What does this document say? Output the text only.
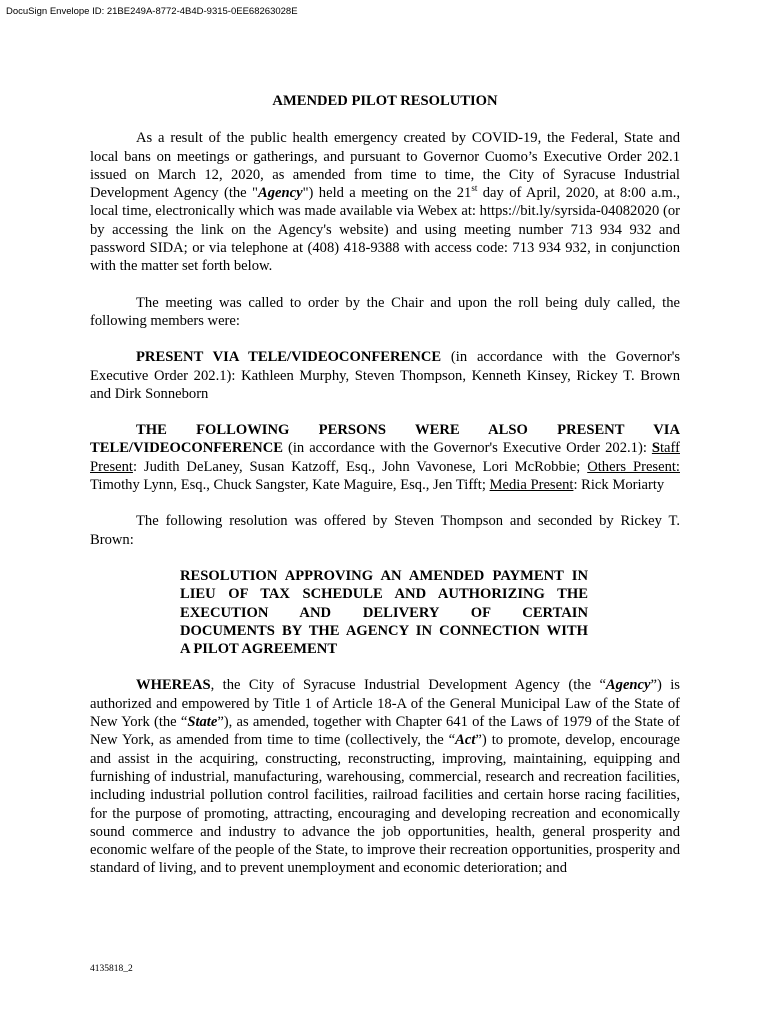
DocuSign Envelope ID: 21BE249A-8772-4B4D-9315-0EE68263028E
AMENDED PILOT RESOLUTION

As a result of the public health emergency created by COVID-19, the Federal, State and local bans on meetings or gatherings, and pursuant to Governor Cuomo’s Executive Order 202.1 issued on March 12, 2020, as amended from time to time, the City of Syracuse Industrial Development Agency (the "Agency") held a meeting on the 21st day of April, 2020, at 8:00 a.m., local time, electronically which was made available via Webex at: https://bit.ly/syrsida-04082020 (or by accessing the link on the Agency's website) and using meeting number 713 934 932 and password SIDA; or via telephone at (408) 418-9388 with access code: 713 934 932, in conjunction with the matter set forth below.

The meeting was called to order by the Chair and upon the roll being duly called, the following members were:

PRESENT VIA TELE/VIDEOCONFERENCE (in accordance with the Governor's Executive Order 202.1): Kathleen Murphy, Steven Thompson, Kenneth Kinsey, Rickey T. Brown and Dirk Sonneborn

THE FOLLOWING PERSONS WERE ALSO PRESENT VIA
TELE/VIDEOCONFERENCE (in accordance with the Governor's Executive Order 202.1): Staff Present: Judith DeLaney, Susan Katzoff, Esq., John Vavonese, Lori McRobbie; Others Present: Timothy Lynn, Esq., Chuck Sangster, Kate Maguire, Esq., Jen Tifft; Media Present: Rick Moriarty

The following resolution was offered by Steven Thompson and seconded by Rickey T. Brown:

RESOLUTION APPROVING AN AMENDED PAYMENT IN
LIEU OF TAX SCHEDULE AND AUTHORIZING THE
EXECUTION AND DELIVERY OF CERTAIN
DOCUMENTS BY THE AGENCY IN CONNECTION WITH
A PILOT AGREEMENT

WHEREAS, the City of Syracuse Industrial Development Agency (the “Agency”) is authorized and empowered by Title 1 of Article 18-A of the General Municipal Law of the State of New York (the “State”), as amended, together with Chapter 641 of the Laws of 1979 of the State of New York, as amended from time to time (collectively, the “Act”) to promote, develop, encourage and assist in the acquiring, constructing, reconstructing, improving, maintaining, equipping and furnishing of industrial, manufacturing, warehousing, commercial, research and recreation facilities, including industrial pollution control facilities, railroad facilities and certain horse racing facilities, for the purpose of promoting, attracting, encouraging and developing recreation and economically sound commerce and industry to advance the job opportunities, health, general prosperity and economic welfare of the people of the State, to improve their recreation opportunities, prosperity and standard of living, and to prevent unemployment and economic deterioration; and

4135818_2
